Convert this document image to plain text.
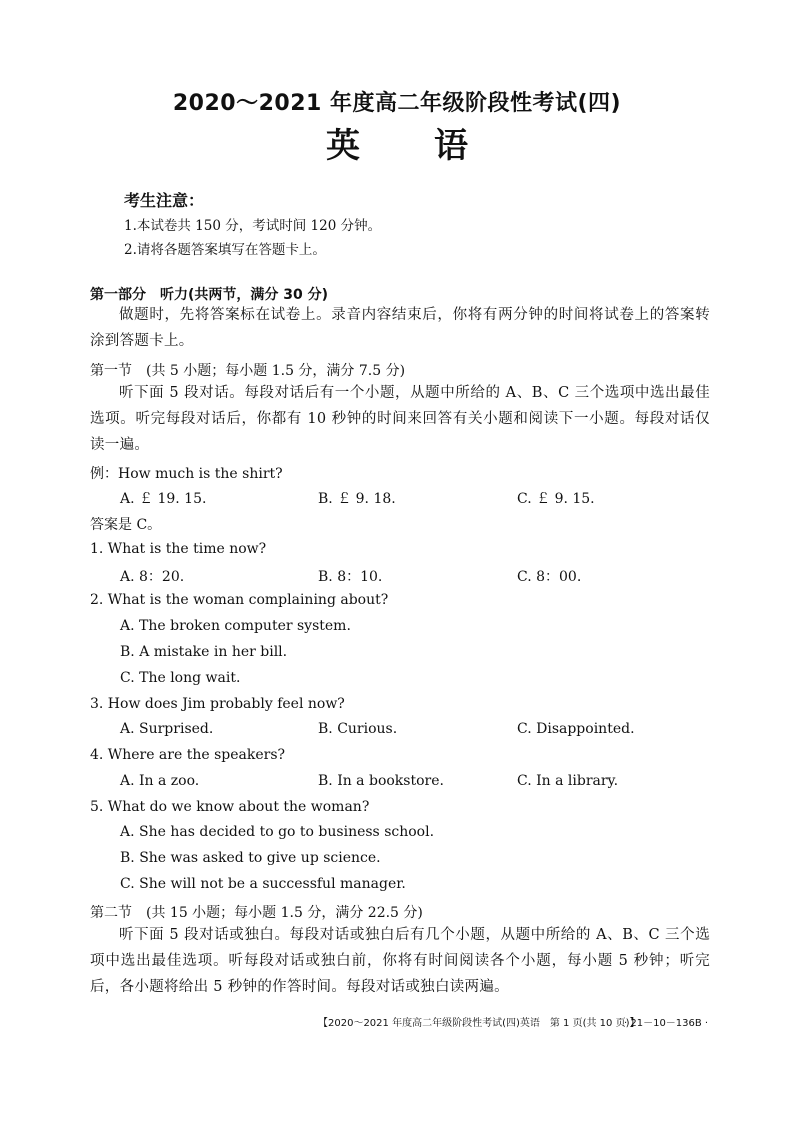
2020～2021 年度高二年级阶段性考试(四)
英语
考生注意：
1.本试卷共 150 分，考试时间 120 分钟。
2.请将各题答案填写在答题卡上。
第一部分　听力(共两节，满分 30 分)
做题时，先将答案标在试卷上。录音内容结束后，你将有两分钟的时间将试卷上的答案转涂到答题卡上。
第一节　(共 5 小题；每小题 1.5 分，满分 7.5 分)
听下面 5 段对话。每段对话后有一个小题，从题中所给的 A、B、C 三个选项中选出最佳选项。听完每段对话后，你都有 10 秒钟的时间来回答有关小题和阅读下一小题。每段对话仅读一遍。
例：How much is the shirt?
A. ￡ 19. 15.	B. ￡ 9. 18.	C. ￡ 9. 15.
答案是 C。
1. What is the time now?
A. 8：20.	B. 8：10.	C. 8：00.
2. What is the woman complaining about?
A. The broken computer system.
B. A mistake in her bill.
C. The long wait.
3. How does Jim probably feel now?
A. Surprised.	B. Curious.	C. Disappointed.
4. Where are the speakers?
A. In a zoo.	B. In a bookstore.	C. In a library.
5. What do we know about the woman?
A. She has decided to go to business school.
B. She was asked to give up science.
C. She will not be a successful manager.
第二节　(共 15 小题；每小题 1.5 分，满分 22.5 分)
听下面 5 段对话或独白。每段对话或独白后有几个小题，从题中所给的 A、B、C 三个选项中选出最佳选项。听每段对话或独白前，你将有时间阅读各个小题，每小题 5 秒钟；听完后，各小题将给出 5 秒钟的作答时间。每段对话或独白读两遍。
【2020～2021 年度高二年级阶段性考试(四)英语　第 1 页(共 10 页)】
· 21－10－136B ·
